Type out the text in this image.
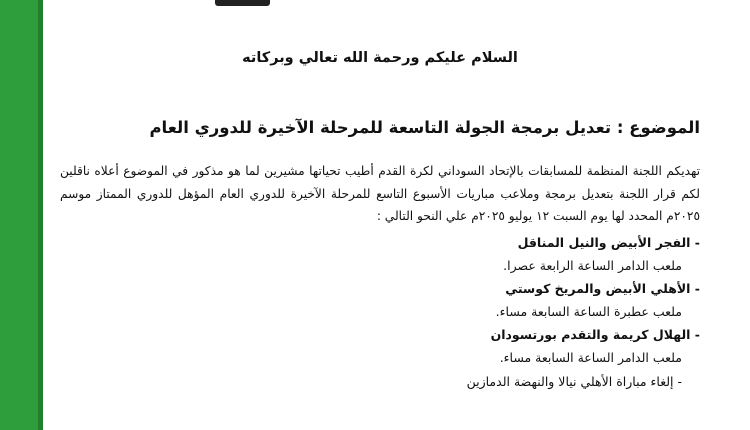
السلام عليكم ورحمة الله تعالي وبركاته
الموضوع : تعديل برمجة الجولة التاسعة للمرحلة الآخيرة للدوري العام
تهديكم اللجنة المنظمة للمسابقات بالإتحاد السوداني لكرة القدم أطيب تحياتها مشيرين لما هو مذكور في الموضوع أعلاه ناقلين لكم قرار اللجنة بتعديل برمجة وملاعب مباريات الأسبوع التاسع للمرحلة الآخيرة للدوري العام المؤهل للدوري الممتاز موسم ٢٠٢٥م المحدد لها يوم السبت ١٢ يوليو ٢٠٢٥م علي النحو التالي :
- الفجر الأبيض والنيل المناقل
ملعب الدامر الساعة الرابعة عصرا.
- الأهلي الأبيض والمريخ كوستي
ملعب عطبرة الساعة السابعة مساء.
- الهلال كريمة والتقدم بورتسودان
ملعب الدامر الساعة السابعة مساء.
- إلغاء مباراة الأهلي نيالا والنهضة الدمازين
